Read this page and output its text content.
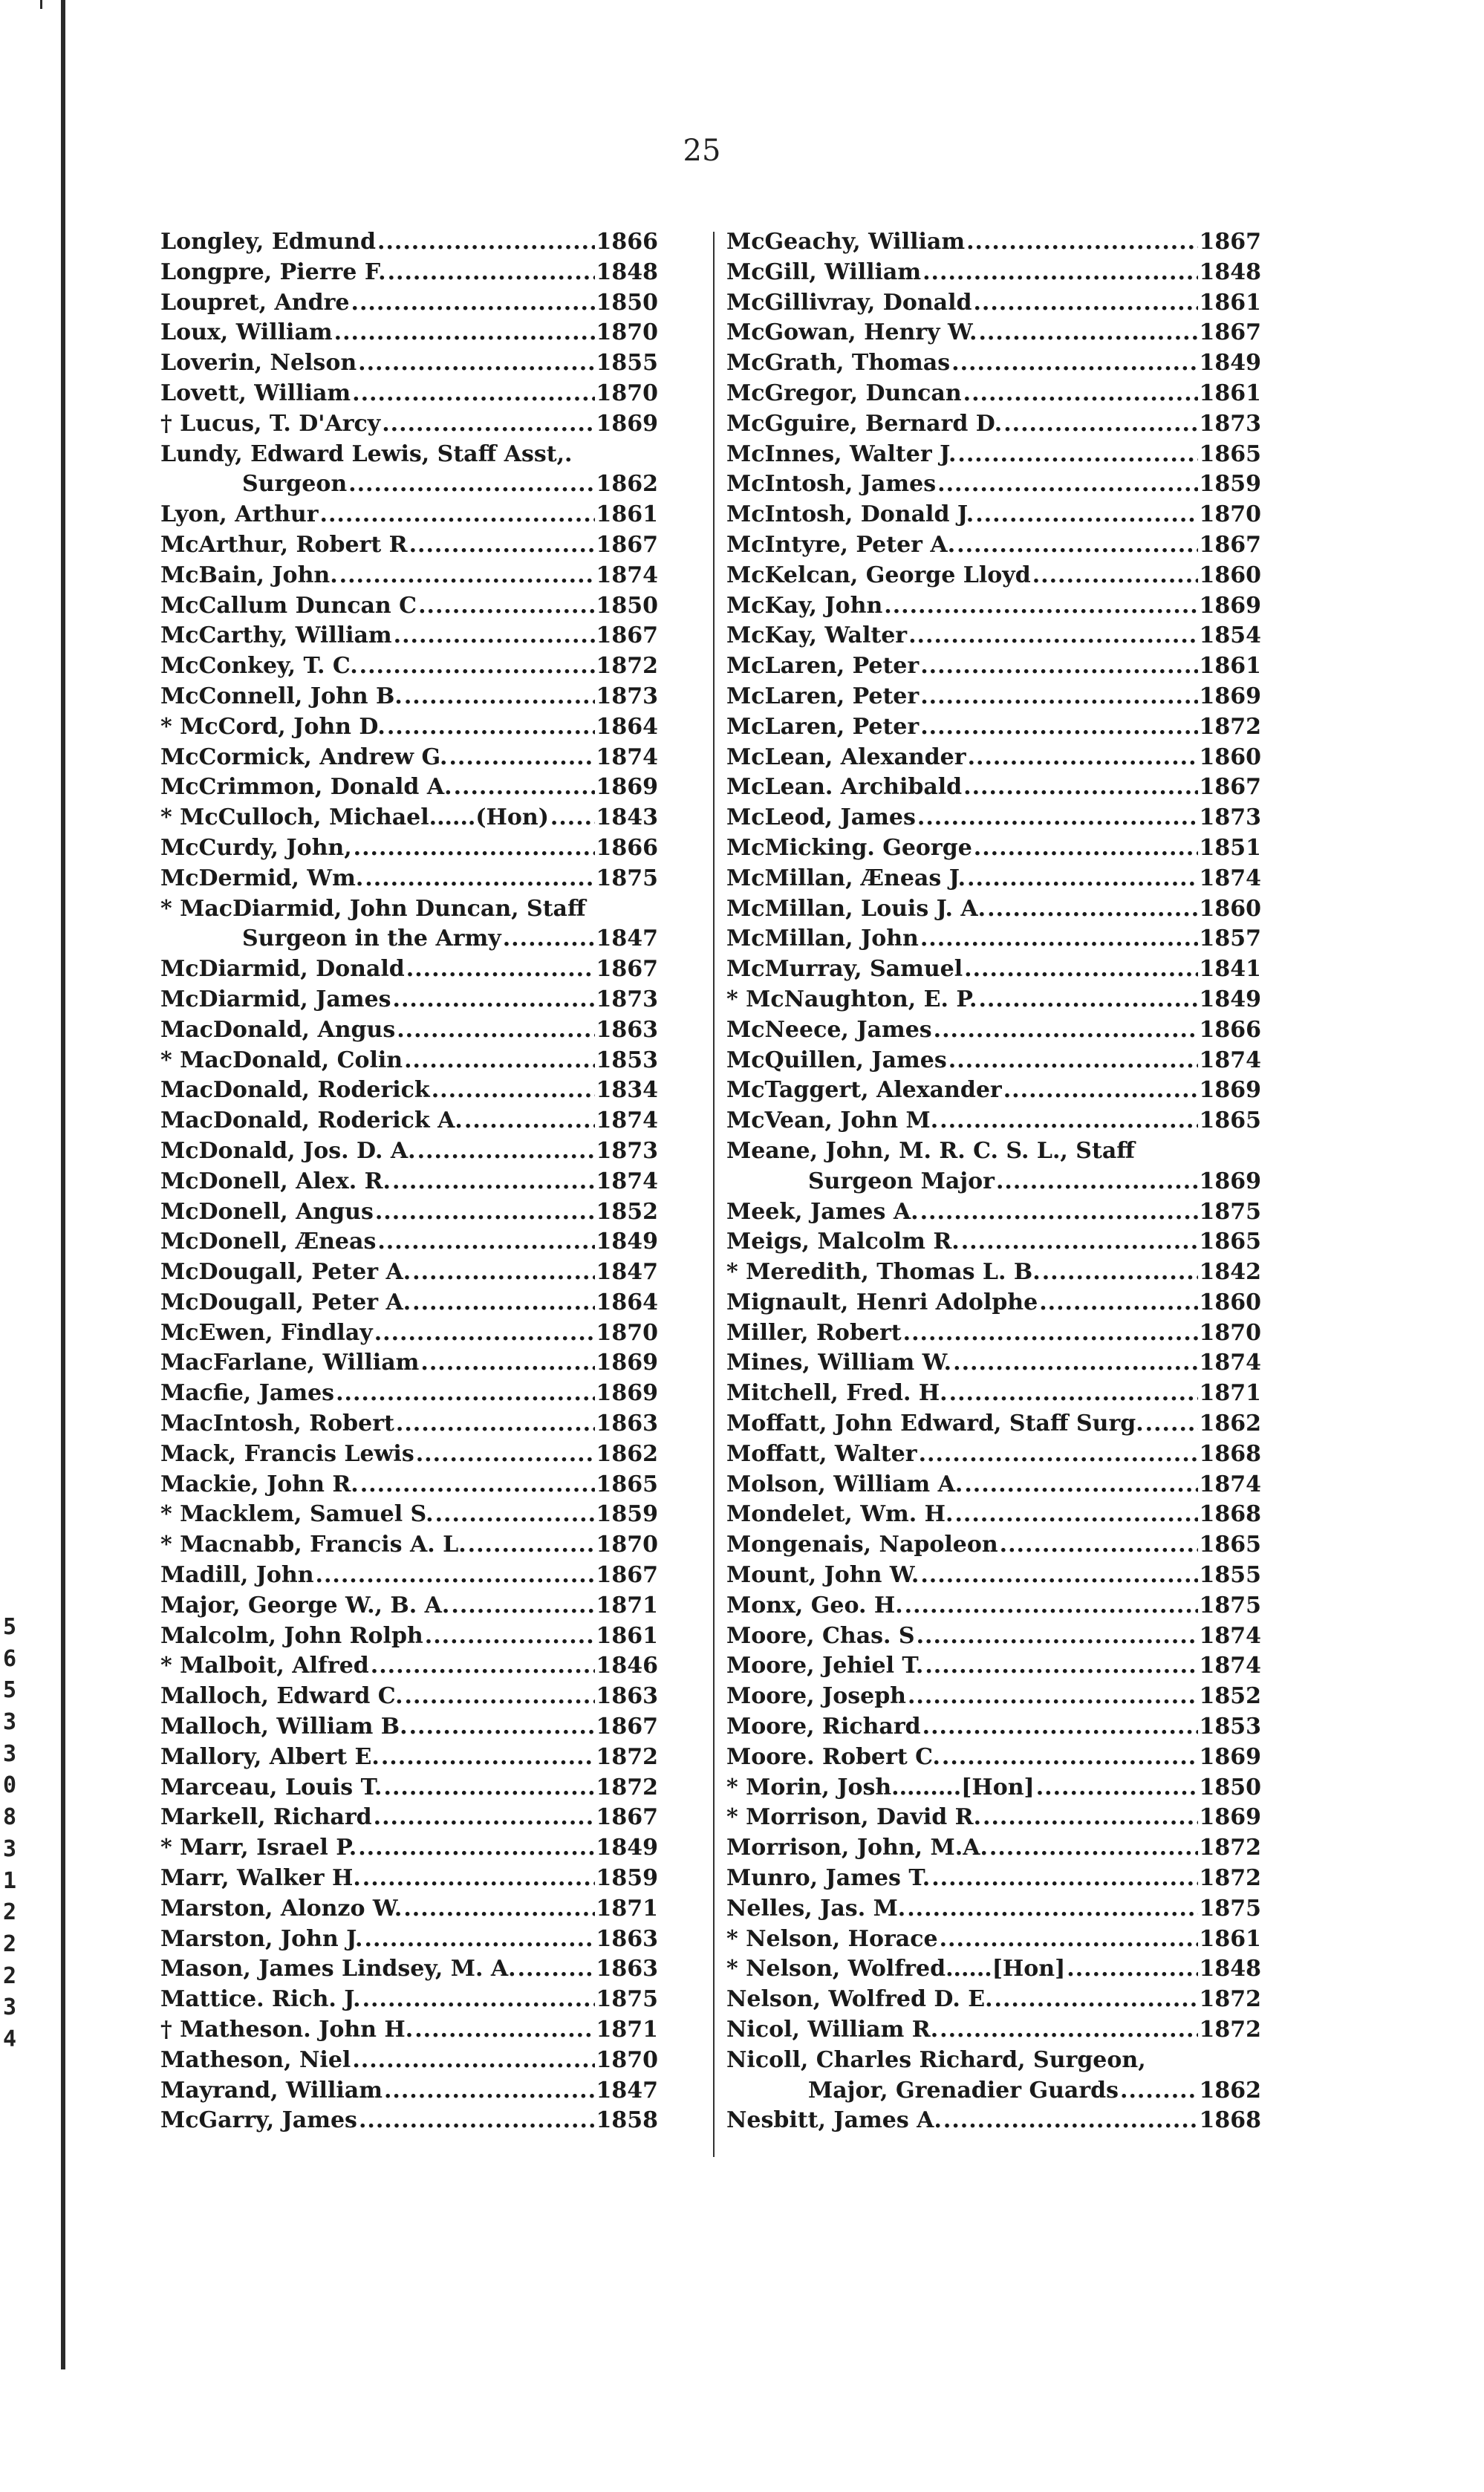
5
6
5
3
3
0
8
3
1
2
2
2
3
4
25
Longley, Edmund .....	1866
Longpre, Pierre F. .....	1848
Loupret, Andre .....	1850
Loux, William .....	1870
Loverin, Nelson .....	1855
Lovett, William .....	1870
† Lucus, T. D'Arcy .....	1869
Lundy, Edward Lewis, Staff Asst,.
Surgeon .....	1862
Lyon, Arthur .....	1861
McArthur, Robert R .....	1867
McBain, John. .....	1874
McCallum Duncan C .....	1850
McCarthy, William .....	1867
McConkey, T. C. .....	1872
McConnell, John B. .....	1873
* McCord, John D. .....	1864
McCormick, Andrew G. .....	1874
McCrimmon, Donald A. .....	1869
* McCulloch, Michael......(Hon) ..... 1843
McCurdy, John, .....	1866
McDermid, Wm. .....	1875
* MacDiarmid, John Duncan, Staff
Surgeon in the Army .....	1847
McDiarmid, Donald .....	1867
McDiarmid, James .....	1873
MacDonald, Angus .....	1863
* MacDonald, Colin .....	1853
MacDonald, Roderick .....	1834
MacDonald, Roderick A. .....	1874
McDonald, Jos. D. A. .....	1873
McDonell, Alex. R. .....	1874
McDonell, Angus .....	1852
McDonell, Æneas .....	1849
McDougall, Peter A. .....	1847
McDougall, Peter A. .....	1864
McEwen, Findlay .....	1870
MacFarlane, William .....	1869
Macfie, James .....	1869
MacIntosh, Robert .....	1863
Mack, Francis Lewis .....	1862
Mackie, John R. .....	1865
* Macklem, Samuel S. .....	1859
* Macnabb, Francis A. L. .....	1870
Madill, John .....	1867
Major, George W., B. A. .....	1871
Malcolm, John Rolph .....	1861
* Malboit, Alfred .....	1846
Malloch, Edward C. .....	1863
Malloch, William B. .....	1867
Mallory, Albert E. .....	1872
Marceau, Louis T. .....	1872
Markell, Richard .....	1867
* Marr, Israel P. .....	1849
Marr, Walker H. .....	1859
Marston, Alonzo W. .....	1871
Marston, John J. .....	1863
Mason, James Lindsey, M. A. .....	1863
Mattice. Rich. J. .....	1875
† Matheson. John H. .....	1871
Matheson, Niel .....	1870
Mayrand, William .....	1847
McGarry, James .....	1858
McGeachy, William .....	1867
McGill, William .....	1848
McGillivray, Donald .....	1861
McGowan, Henry W. .....	1867
McGrath, Thomas .....	1849
McGregor, Duncan .....	1861
McGguire, Bernard D. .....	1873
McInnes, Walter J. .....	1865
McIntosh, James .....	1859
McIntosh, Donald J. .....	1870
McIntyre, Peter A. .....	1867
McKelcan, George Lloyd .....	1860
McKay, John .....	1869
McKay, Walter .....	1854
McLaren, Peter .....	1861
McLaren, Peter .....	1869
McLaren, Peter .....	1872
McLean, Alexander .....	1860
McLean. Archibald .....	1867
McLeod, James .....	1873
McMicking. George .....	1851
McMillan, Æneas J. .....	1874
McMillan, Louis J. A. .....	1860
McMillan, John .....	1857
McMurray, Samuel .....	1841
* McNaughton, E. P. .....	1849
McNeece, James .....	1866
McQuillen, James .....	1874
McTaggert, Alexander .....	1869
McVean, John M. .....	1865
Meane, John, M. R. C. S. L., Staff
Surgeon Major .....	1869
Meek, James A. .....	1875
Meigs, Malcolm R. .....	1865
* Meredith, Thomas L. B. .....	1842
Mignault, Henri Adolphe .....	1860
Miller, Robert .....	1870
Mines, William W. .....	1874
Mitchell, Fred. H. .....	1871
Moffatt, John Edward, Staff Surg. ..... 1862
Moffatt, Walter .....	1868
Molson, William A. .....	1874
Mondelet, Wm. H. .....	1868
Mongenais, Napoleon .....	1865
Mount, John W. .....	1855
Monx, Geo. H. .....	1875
Moore, Chas. S .....	1874
Moore, Jehiel T. .....	1874
Moore, Joseph .....	1852
Moore, Richard .....	1853
Moore. Robert C. .....	1869
* Morin, Josh.........[Hon] .....	1850
* Morrison, David R. .....	1869
Morrison, John, M.A. .....	1872
Munro, James T. .....	1872
Nelles, Jas. M. .....	1875
* Nelson, Horace .....	1861
* Nelson, Wolfred......[Hon] .....	1848
Nelson, Wolfred D. E. .....	1872
Nicol, William R. .....	1872
Nicoll, Charles Richard, Surgeon,
Major, Grenadier Guards .....	1862
Nesbitt, James A. .....	1868
